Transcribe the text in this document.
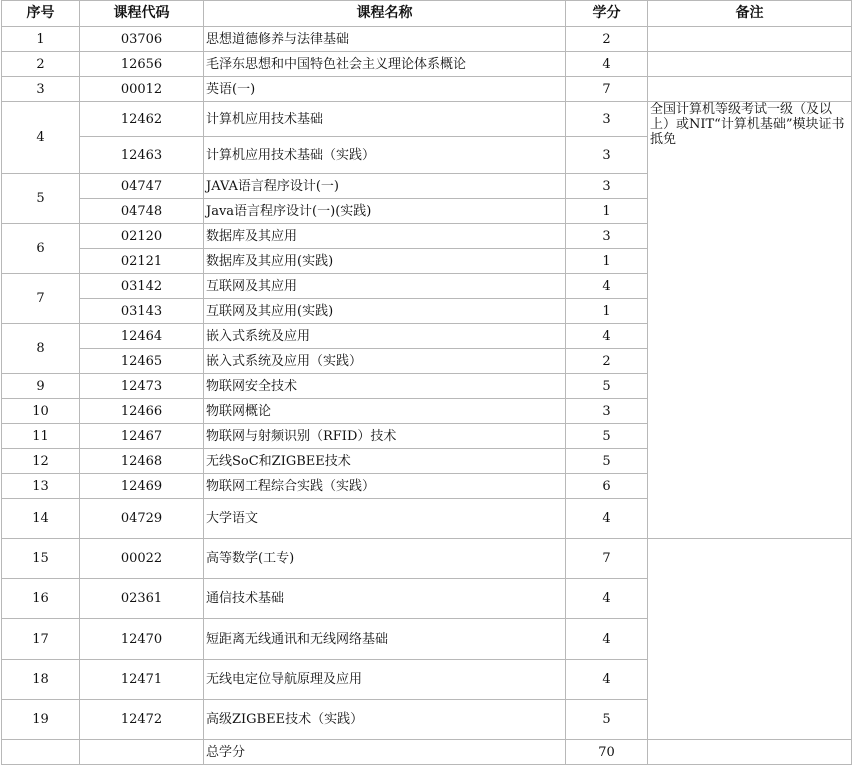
序号	课程代码	课程名称	学分	备注	
1	03706	思想道德修养与法律基础	2		
2	12656	毛泽东思想和中国特色社会主义理论体系概论	4		
3	00012	英语(一)	7		
4	12462	计算机应用技术基础	3	全国计算机等级考试一级（及以上）或NIT“计算机基础”模块证书抵免	
	12463	计算机应用技术基础（实践）	3		
5	04747	JAVA语言程序设计(一)	3		
	04748	Java语言程序设计(一)(实践)	1		
6	02120	数据库及其应用	3		
	02121	数据库及其应用(实践)	1		
7	03142	互联网及其应用	4		
	03143	互联网及其应用(实践)	1		
8	12464	嵌入式系统及应用	4		
	12465	嵌入式系统及应用（实践）	2		
9	12473	物联网安全技术	5		
10	12466	物联网概论	3		
11	12467	物联网与射频识别（RFID）技术	5		
12	12468	无线SoC和ZIGBEE技术	5		
13	12469	物联网工程综合实践（实践）	6		
14	04729	大学语文	4	
15	00022	高等数学(工专)	7		
16	02361	通信技术基础	4		
17	12470	短距离无线通讯和无线网络基础	4		
18	12471	无线电定位导航原理及应用	4		
19	12472	高级ZIGBEE技术（实践）	5		
		总学分	70		
